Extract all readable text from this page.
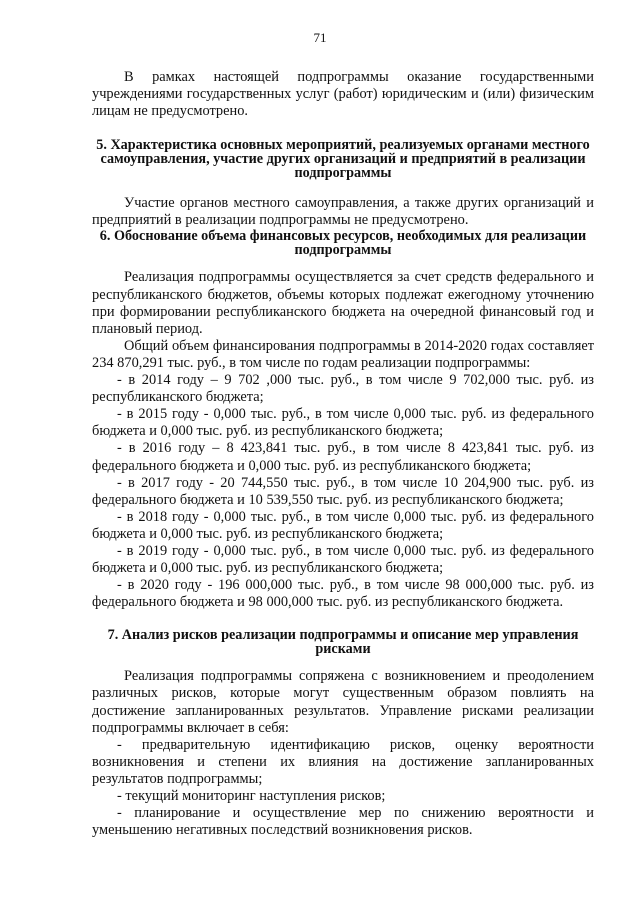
71

В рамках настоящей подпрограммы оказание государственными учреждениями государственных услуг (работ) юридическим и (или) физическим лицам не предусмотрено.

5. Характеристика основных мероприятий, реализуемых органами местного самоуправления, участие других организаций и предприятий в реализации подпрограммы

Участие органов местного самоуправления, а также других организаций и предприятий в реализации подпрограммы не предусмотрено.

6. Обоснование объема финансовых ресурсов, необходимых для реализации подпрограммы

Реализация подпрограммы осуществляется за счет средств федерального и республиканского бюджетов, объемы которых подлежат ежегодному уточнению при формировании республиканского бюджета на очередной финансовый год и плановый период.

Общий объем финансирования подпрограммы в 2014-2020 годах составляет 234 870,291 тыс. руб., в том числе по годам реализации подпрограммы:

- в 2014 году – 9 702 ,000 тыс. руб., в том числе 9 702,000 тыс. руб. из республиканского бюджета;

- в 2015 году - 0,000 тыс. руб., в том числе 0,000 тыс. руб. из федерального бюджета и 0,000 тыс. руб. из республиканского бюджета;

- в 2016 году – 8 423,841 тыс. руб., в том числе 8 423,841 тыс. руб. из федерального бюджета и 0,000 тыс. руб. из республиканского бюджета;

- в 2017 году - 20 744,550 тыс. руб., в том числе 10 204,900 тыс. руб. из федерального бюджета и 10 539,550 тыс. руб. из республиканского бюджета;

- в 2018 году - 0,000 тыс. руб., в том числе 0,000 тыс. руб. из федерального бюджета и 0,000 тыс. руб. из республиканского бюджета;

- в 2019 году - 0,000 тыс. руб., в том числе 0,000 тыс. руб. из федерального бюджета и 0,000 тыс. руб. из республиканского бюджета;

- в 2020 году - 196 000,000 тыс. руб., в том числе 98 000,000 тыс. руб. из федерального бюджета и 98 000,000 тыс. руб. из республиканского бюджета.

7. Анализ рисков реализации подпрограммы и описание мер управления рисками

Реализация подпрограммы сопряжена с возникновением и преодолением различных рисков, которые могут существенным образом повлиять на достижение запланированных результатов. Управление рисками реализации подпрограммы включает в себя:

- предварительную идентификацию рисков, оценку вероятности возникновения и степени их влияния на достижение запланированных результатов подпрограммы;

- текущий мониторинг наступления рисков;

- планирование и осуществление мер по снижению вероятности и уменьшению негативных последствий возникновения рисков.
